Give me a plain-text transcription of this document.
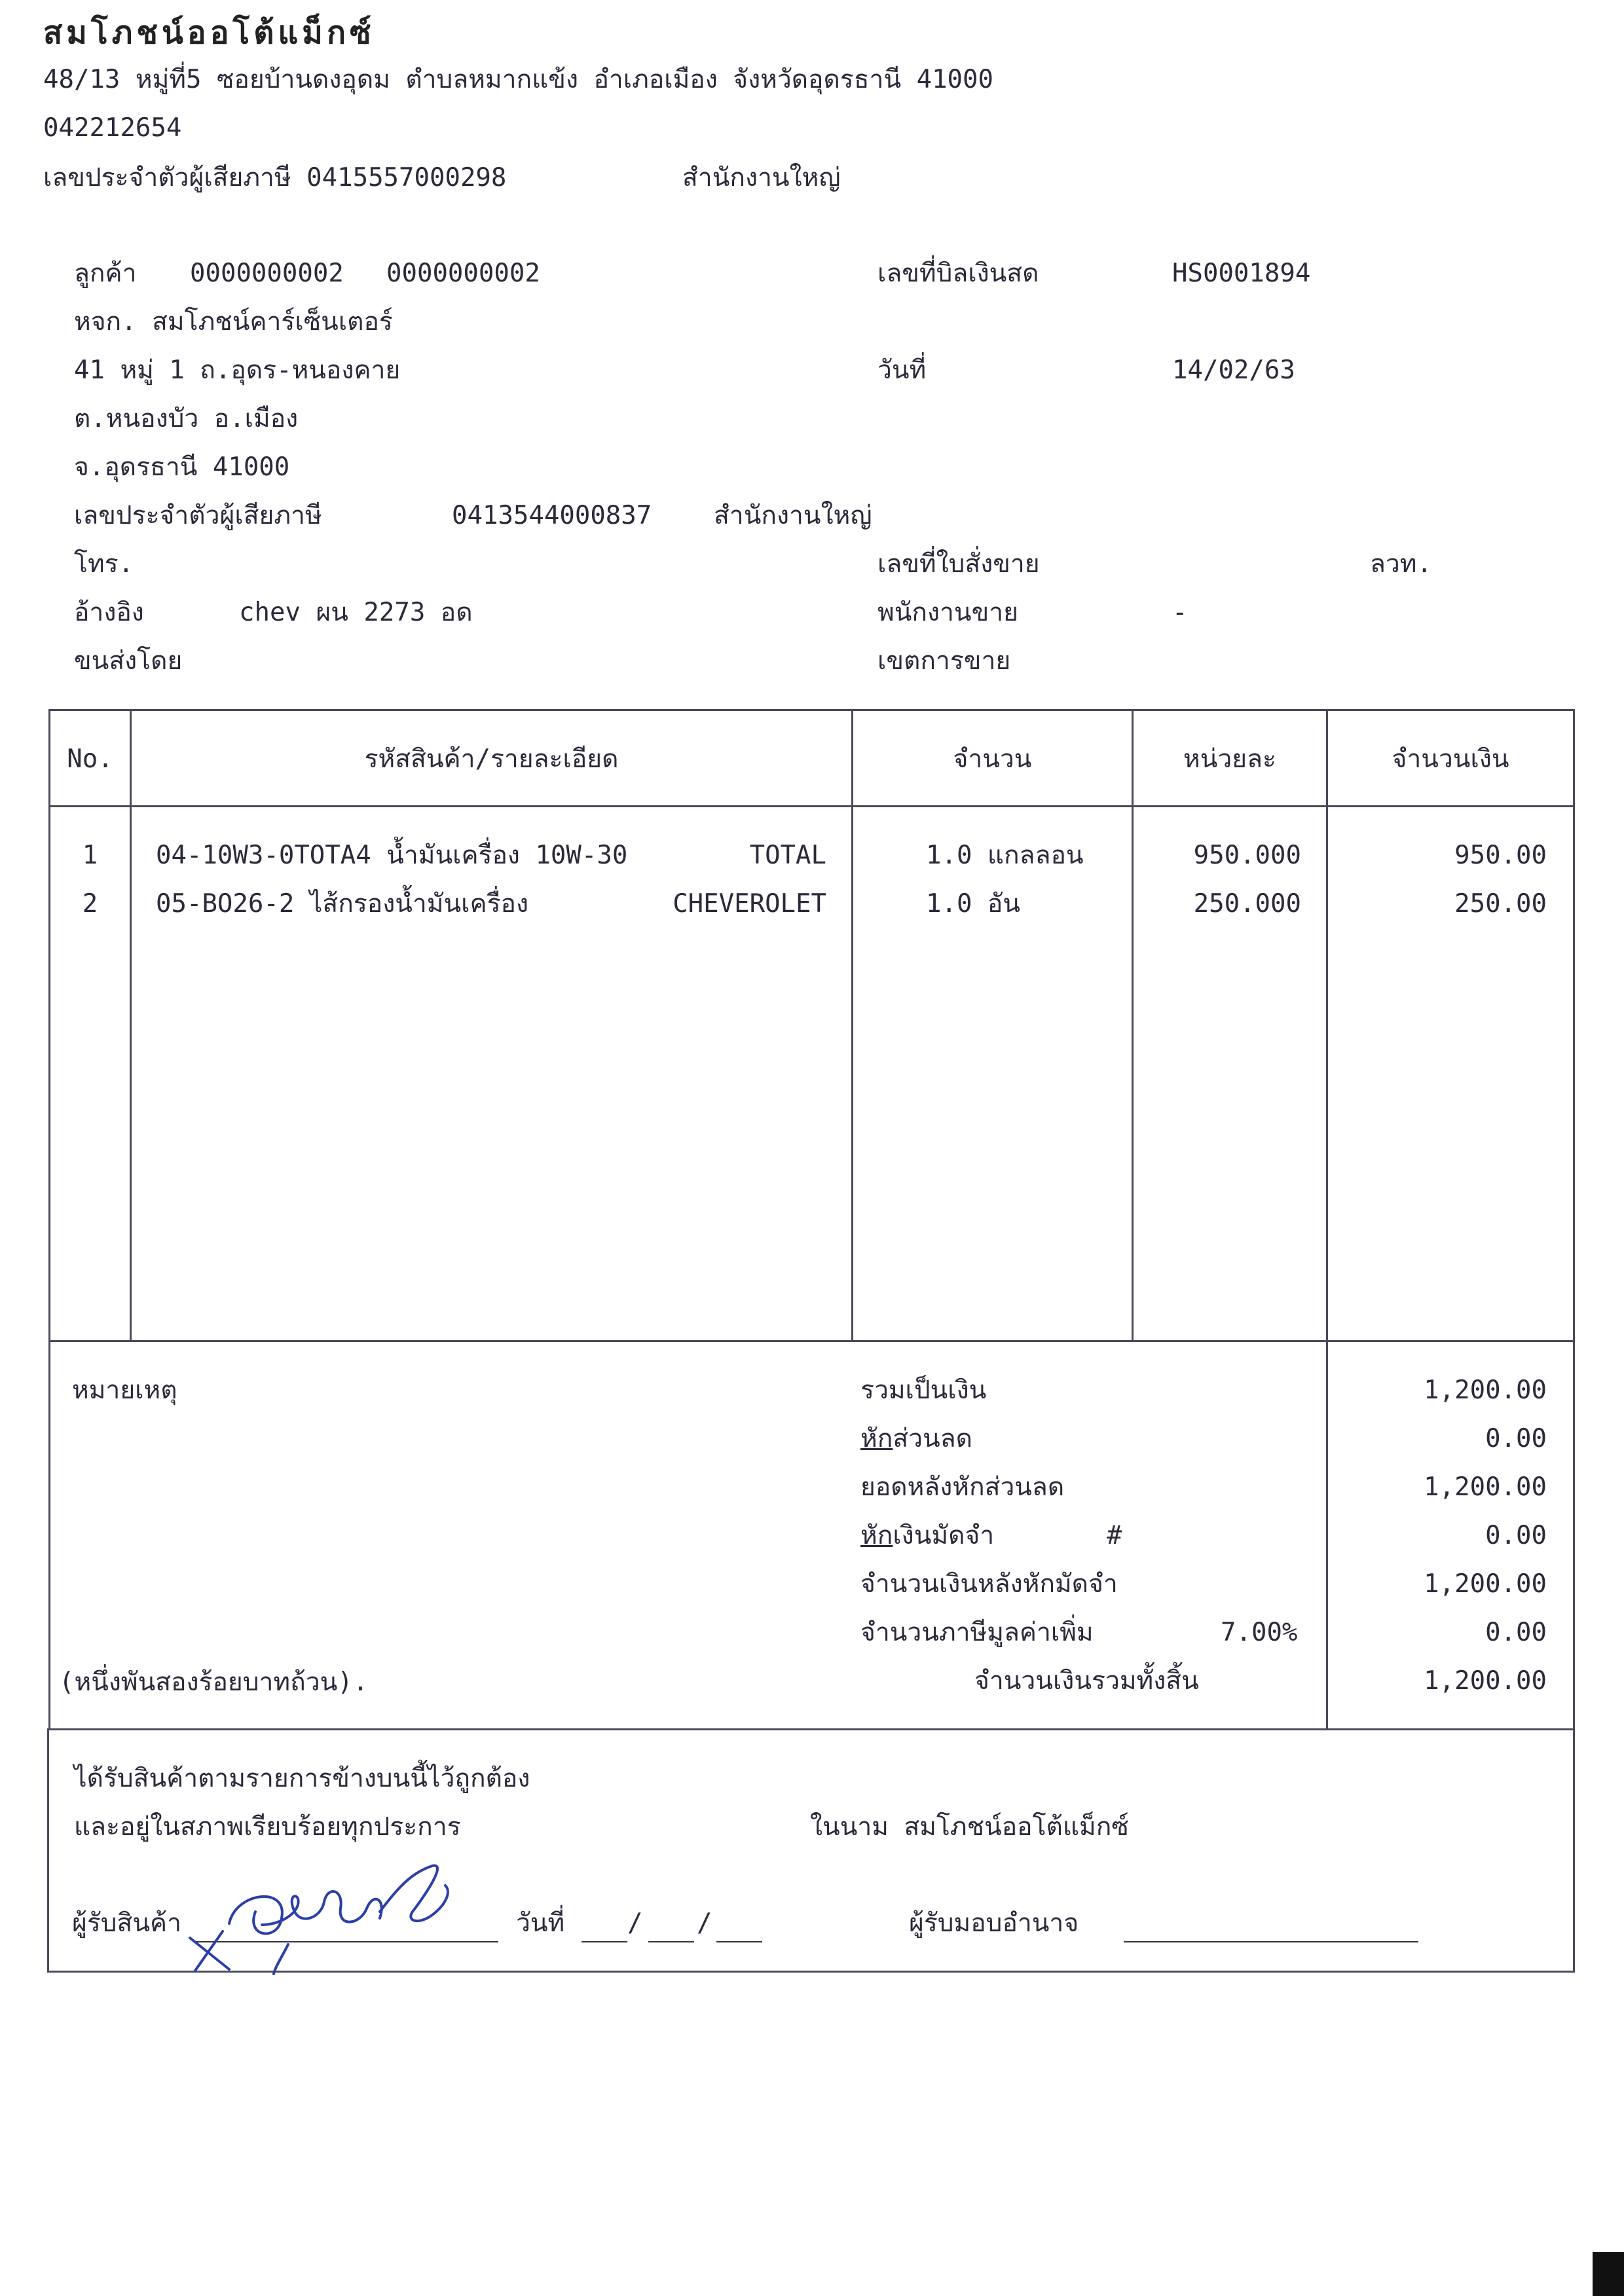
สมโภชน์ออโต้แม็กซ์
48/13 หมู่ที่5 ซอยบ้านดงอุดม ตำบลหมากแข้ง อำเภอเมือง จังหวัดอุดรธานี 41000
042212654
เลขประจำตัวผู้เสียภาษี 0415557000298	สำนักงานใหญ่
ลูกค้า 0000000002 0000000002
หจก. สมโภชน์คาร์เซ็นเตอร์
41 หมู่ 1 ถ.อุดร-หนองคาย
ต.หนองบัว อ.เมือง
จ.อุดรธานี 41000
เลขประจำตัวผู้เสียภาษี	0413544000837 สำนักงานใหญ่
โทร.
อ้างอิง	chev ผน 2273 อด
ขนส่งโดย
เลขที่บิลเงินสด	HS0001894
วันที่	14/02/63
เลขที่ใบสั่งขาย	ลวท.
พนักงานขาย	-
เขตการขาย
No.	รหัสสินค้า/รายละเอียด	จำนวน	หน่วยละ	จำนวนเงิน
1	04-10W3-0TOTA4 น้ำมันเครื่อง 10W-30	TOTAL	1.0 แกลลอน	950.000	950.00
2	05-BO26-2 ไส้กรองน้ำมันเครื่อง	CHEVEROLET	1.0 อัน	250.000	250.00
หมายเหตุ
(หนึ่งพันสองร้อยบาทถ้วน).
รวมเป็นเงิน	1,200.00
หักส่วนลด	0.00
ยอดหลังหักส่วนลด	1,200.00
หักเงินมัดจำ	#	0.00
จำนวนเงินหลังหักมัดจำ	1,200.00
จำนวนภาษีมูลค่าเพิ่ม	7.00%	0.00
จำนวนเงินรวมทั้งสิ้น	1,200.00
ได้รับสินค้าตามรายการข้างบนนี้ไว้ถูกต้อง
และอยู่ในสภาพเรียบร้อยทุกประการ	ในนาม สมโภชน์ออโต้แม็กซ์
ผู้รับสินค้า	วันที่ / /	ผู้รับมอบอำนาจ
